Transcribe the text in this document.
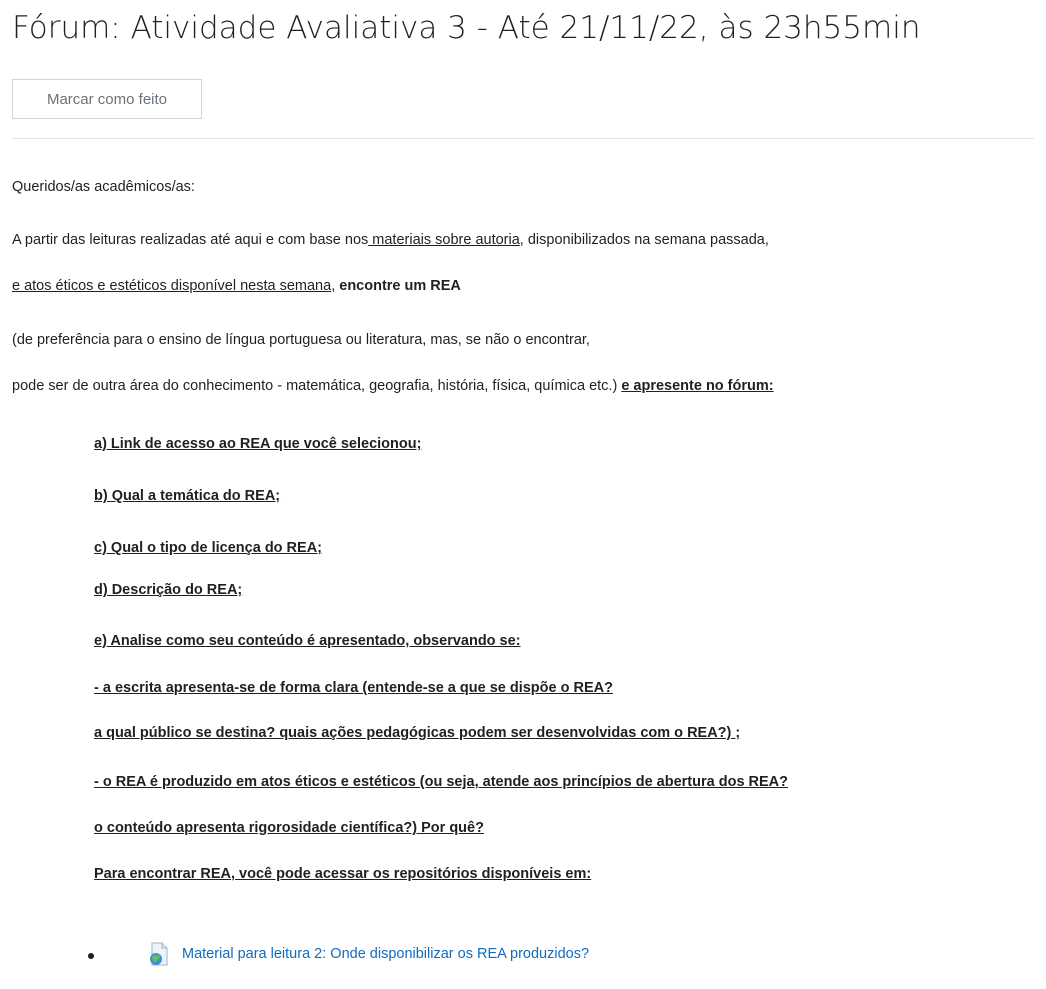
Fórum: Atividade Avaliativa 3 - Até 21/11/22, às 23h55min
Marcar como feito
Queridos/as acadêmicos/as:
A partir das leituras realizadas até aqui e com base nos materiais sobre autoria, disponibilizados na semana passada,
e atos éticos e estéticos disponível nesta semana, encontre um REA
(de preferência para o ensino de língua portuguesa ou literatura, mas, se não o encontrar,
pode ser de outra área do conhecimento - matemática, geografia, história, física, química etc.) e apresente no fórum:
a) Link de acesso ao REA que você selecionou;
b) Qual a temática do REA;
c) Qual o tipo de licença do REA;
d) Descrição do REA;
e) Analise como seu conteúdo é apresentado, observando se:
- a escrita apresenta-se de forma clara (entende-se a que se dispõe o REA?
a qual público se destina? quais ações pedagógicas podem ser desenvolvidas com o REA?) ;
- o REA é produzido em atos éticos e estéticos (ou seja, atende aos princípios de abertura dos REA?
o conteúdo apresenta rigorosidade científica?) Por quê?
Para encontrar REA, você pode acessar os repositórios disponíveis em:
Material para leitura 2: Onde disponibilizar os REA produzidos?
